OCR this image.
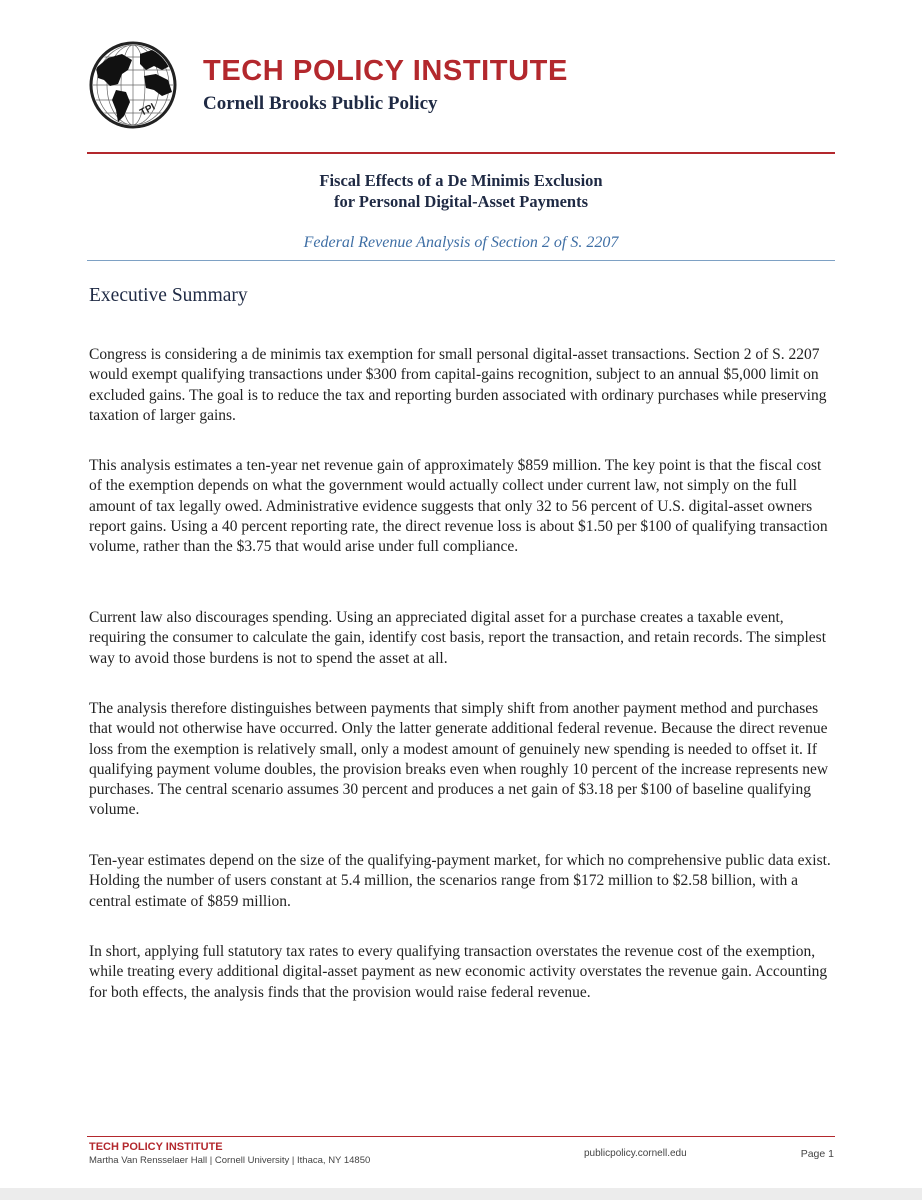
TPI
TECH POLICY INSTITUTE
Cornell Brooks Public Policy
Fiscal Effects of a De Minimis Exclusion
for Personal Digital-Asset Payments
Federal Revenue Analysis of Section 2 of S. 2207
Executive Summary

Congress is considering a de minimis tax exemption for small personal digital-asset transactions. Section 2 of S. 2207 would exempt qualifying transactions under $300 from capital-gains recognition, subject to an annual $5,000 limit on excluded gains. The goal is to reduce the tax and reporting burden associated with ordinary purchases while preserving taxation of larger gains.

This analysis estimates a ten-year net revenue gain of approximately $859 million. The key point is that the fiscal cost of the exemption depends on what the government would actually collect under current law, not simply on the full amount of tax legally owed. Administrative evidence suggests that only 32 to 56 percent of U.S. digital-asset owners report gains. Using a 40 percent reporting rate, the direct revenue loss is about $1.50 per $100 of qualifying transaction volume, rather than the $3.75 that would arise under full compliance.

Current law also discourages spending. Using an appreciated digital asset for a purchase creates a taxable event, requiring the consumer to calculate the gain, identify cost basis, report the transaction, and retain records. The simplest way to avoid those burdens is not to spend the asset at all.

The analysis therefore distinguishes between payments that simply shift from another payment method and purchases that would not otherwise have occurred. Only the latter generate additional federal revenue. Because the direct revenue loss from the exemption is relatively small, only a modest amount of genuinely new spending is needed to offset it. If qualifying payment volume doubles, the provision breaks even when roughly 10 percent of the increase represents new purchases. The central scenario assumes 30 percent and produces a net gain of $3.18 per $100 of baseline qualifying volume.

Ten-year estimates depend on the size of the qualifying-payment market, for which no comprehensive public data exist. Holding the number of users constant at 5.4 million, the scenarios range from $172 million to $2.58 billion, with a central estimate of $859 million.

In short, applying full statutory tax rates to every qualifying transaction overstates the revenue cost of the exemption, while treating every additional digital-asset payment as new economic activity overstates the revenue gain. Accounting for both effects, the analysis finds that the provision would raise federal revenue.

TECH POLICY INSTITUTE
Martha Van Rensselaer Hall | Cornell University | Ithaca, NY 14850
publicpolicy.cornell.edu	Page 1
